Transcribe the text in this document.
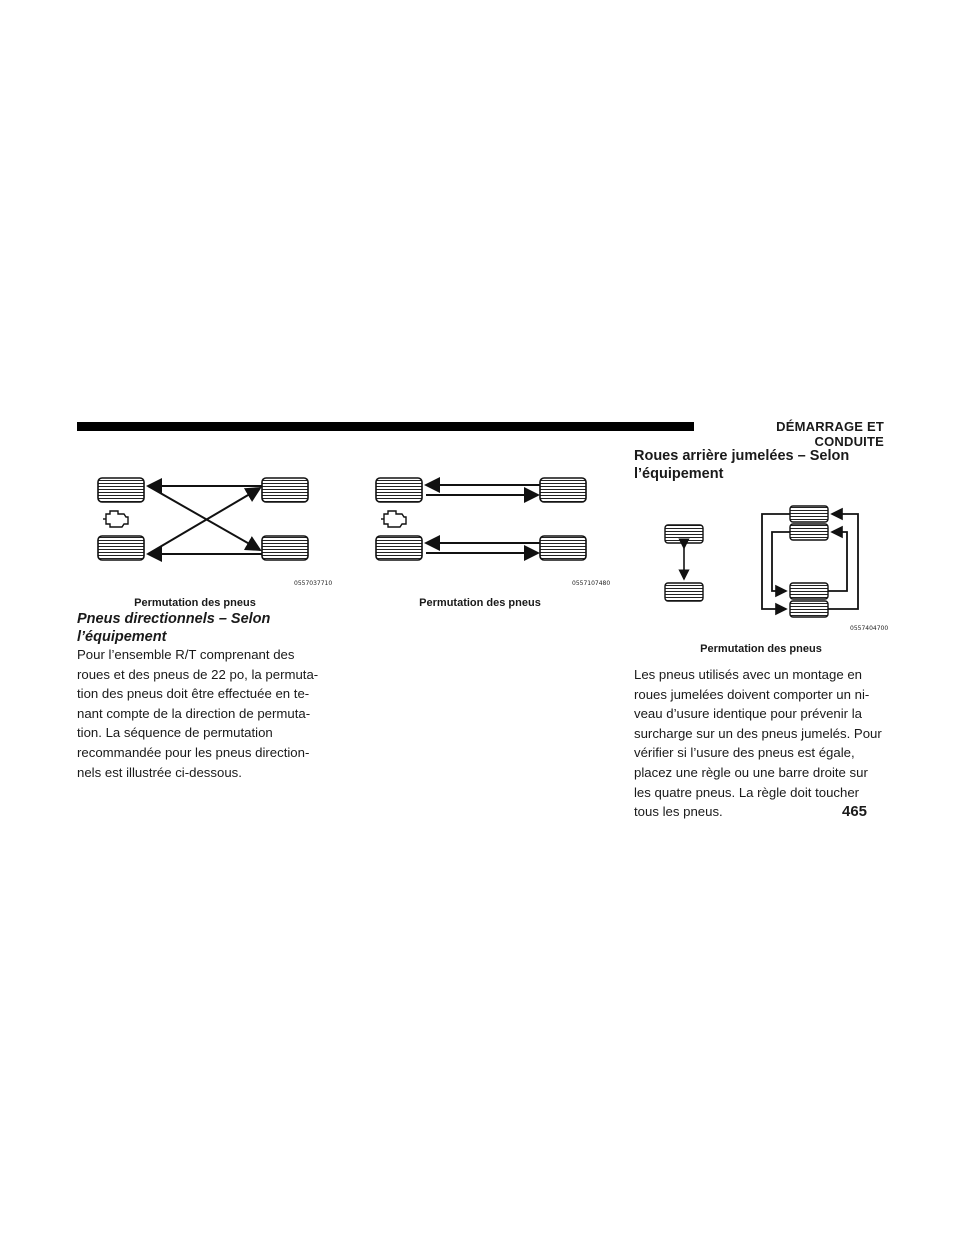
DÉMARRAGE ET CONDUITE
0557037710
Permutation des pneus
0557107480
Permutation des pneus
Pneus directionnels – Selon
l’équipement

Pour l’ensemble R/T comprenant des

roues et des pneus de 22 po, la permuta-

tion des pneus doit être effectuée en te-

nant compte de la direction de permuta-

tion. La séquence de permutation

recommandée pour les pneus direction-

nels est illustrée ci-dessous.

Roues arrière jumelées – Selon
l’équipement
0557404700
Permutation des pneus

Les pneus utilisés avec un montage en

roues jumelées doivent comporter un ni-

veau d’usure identique pour prévenir la

surcharge sur un des pneus jumelés. Pour

vérifier si l’usure des pneus est égale,

placez une règle ou une barre droite sur

les quatre pneus. La règle doit toucher

tous les pneus.	465
